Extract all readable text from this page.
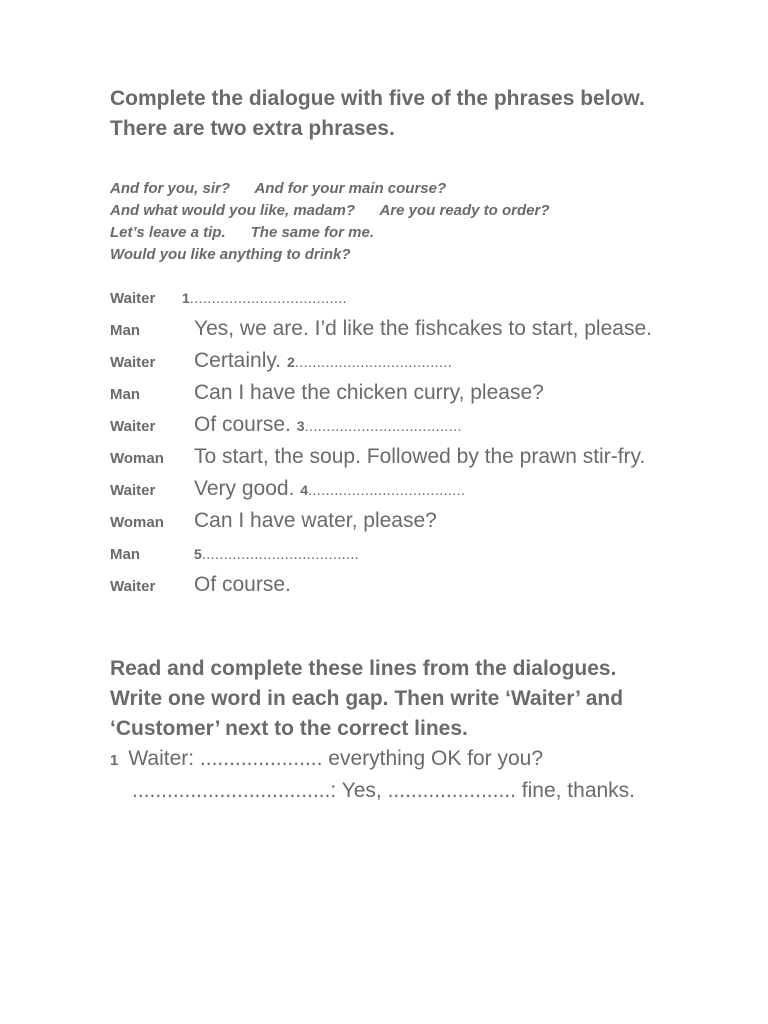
Complete the dialogue with five of the phrases below. There are two extra phrases.
And for you, sir?      And for your main course?
And what would you like, madam?      Are you ready to order?
Let’s leave a tip.      The same for me.
Would you like anything to drink?
Waiter 1....................................
Man	Yes, we are. I’d like the fishcakes to start, please.
Waiter Certainly. 2....................................
Man	Can I have the chicken curry, please?
Waiter Of course. 3....................................
Woman To start, the soup. Followed by the prawn stir-fry.
Waiter Very good. 4....................................
Woman Can I have water, please?
Man	5....................................
Waiter Of course.
Read and complete these lines from the dialogues. Write one word in each gap. Then write ‘Waiter’ and ‘Customer’ next to the correct lines.
1 Waiter: ..................... everything OK for you?
..................................: Yes, ...................... fine, thanks.
